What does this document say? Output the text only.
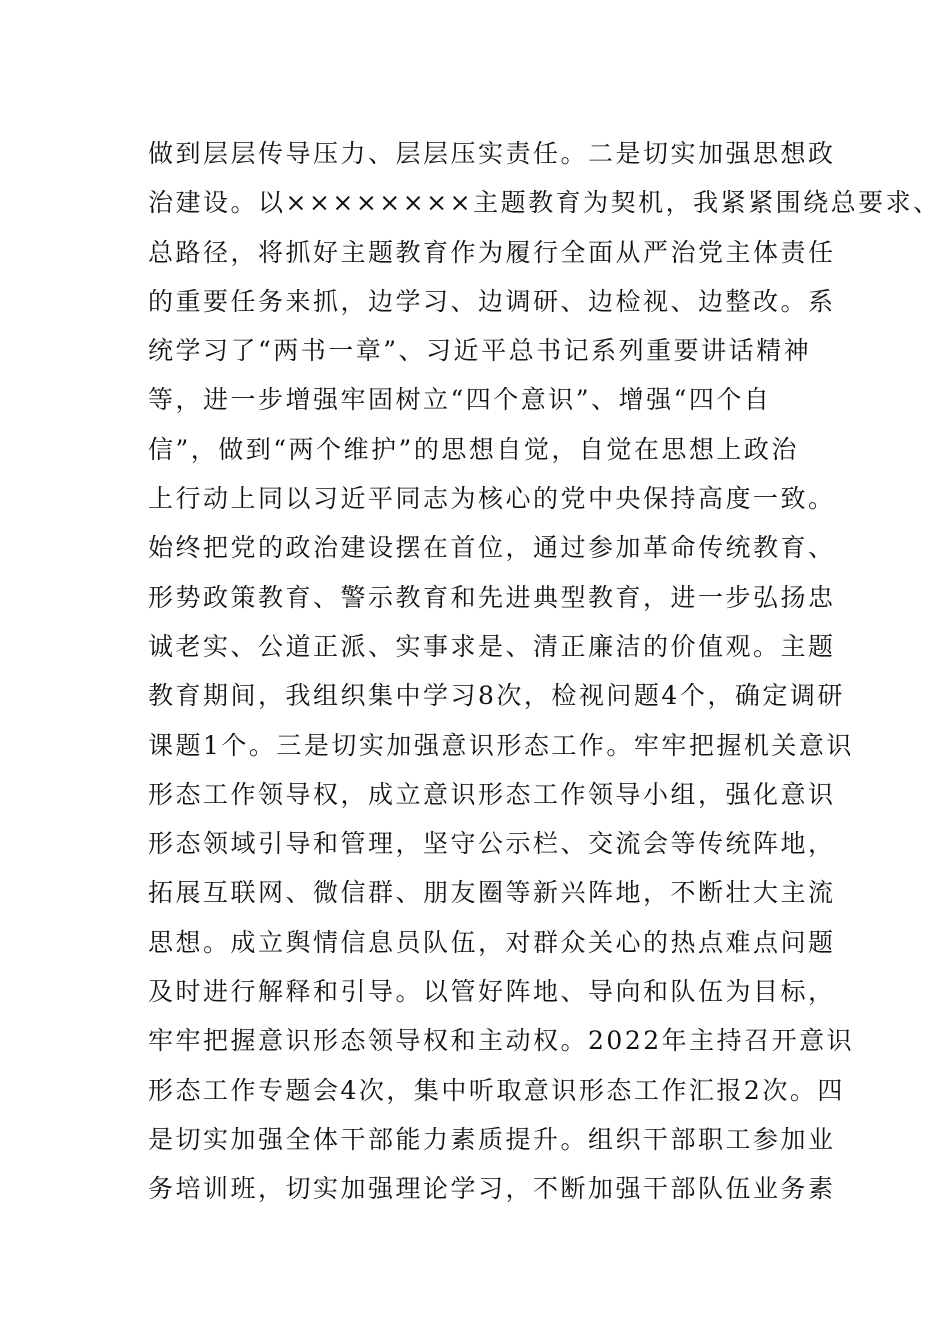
做到层层传导压力、层层压实责任。二是切实加强思想政
治建设。以××××××××主题教育为契机，我紧紧围绕总要求、
总路径，将抓好主题教育作为履行全面从严治党主体责任
的重要任务来抓，边学习、边调研、边检视、边整改。系
统学习了“两书一章”、习近平总书记系列重要讲话精神
等，进一步增强牢固树立“四个意识”、增强“四个自
信”，做到“两个维护”的思想自觉，自觉在思想上政治
上行动上同以习近平同志为核心的党中央保持高度一致。
始终把党的政治建设摆在首位，通过参加革命传统教育、
形势政策教育、警示教育和先进典型教育，进一步弘扬忠
诚老实、公道正派、实事求是、清正廉洁的价值观。主题
教育期间，我组织集中学习8次，检视问题4个，确定调研
课题1个。三是切实加强意识形态工作。牢牢把握机关意识
形态工作领导权，成立意识形态工作领导小组，强化意识
形态领域引导和管理，坚守公示栏、交流会等传统阵地，
拓展互联网、微信群、朋友圈等新兴阵地，不断壮大主流
思想。成立舆情信息员队伍，对群众关心的热点难点问题
及时进行解释和引导。以管好阵地、导向和队伍为目标，
牢牢把握意识形态领导权和主动权。2022年主持召开意识
形态工作专题会4次，集中听取意识形态工作汇报2次。四
是切实加强全体干部能力素质提升。组织干部职工参加业
务培训班，切实加强理论学习，不断加强干部队伍业务素
